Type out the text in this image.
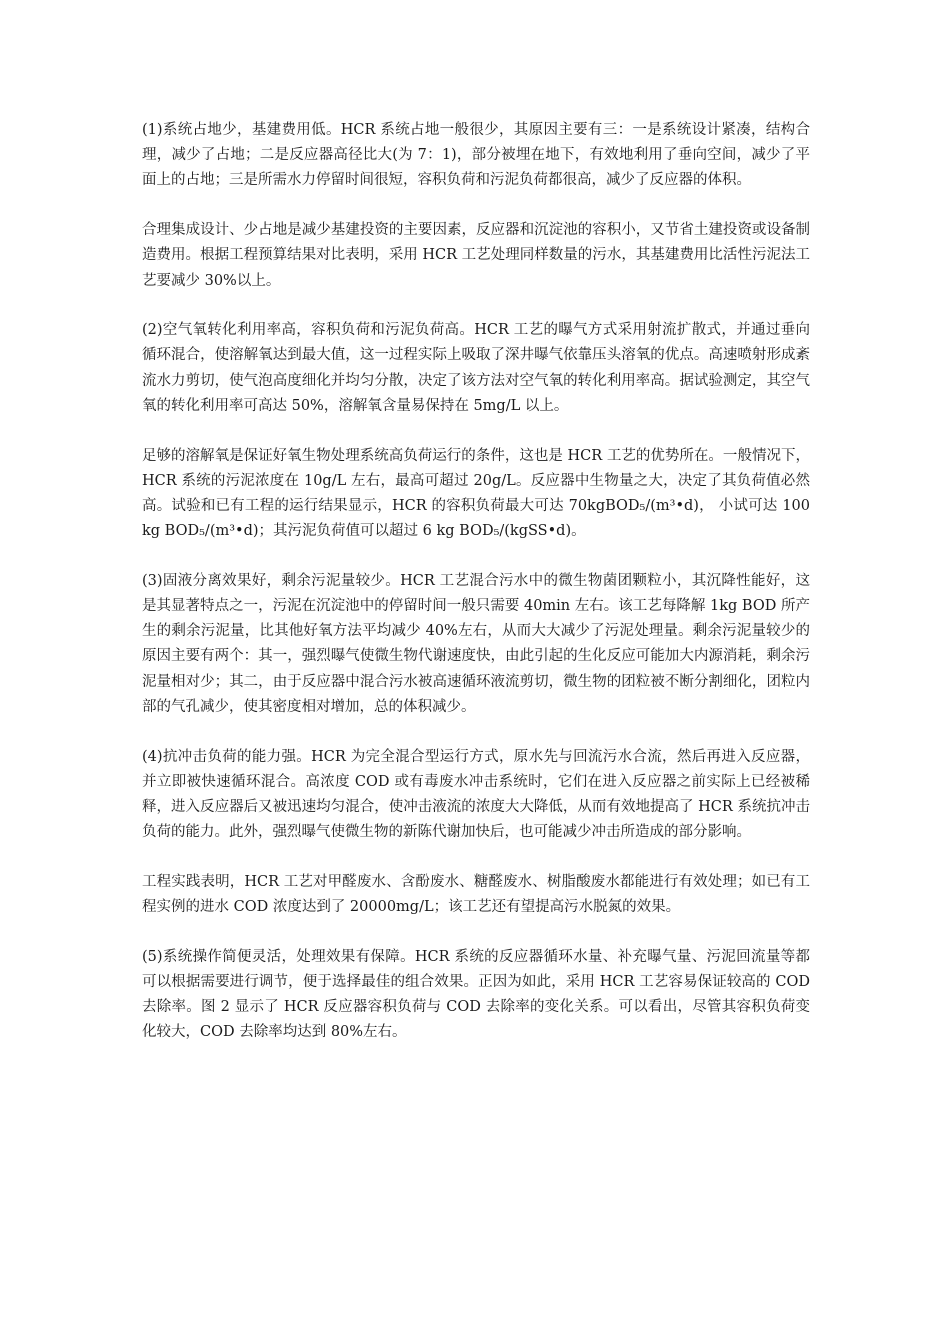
(1)系统占地少，基建费用低。HCR 系统占地一般很少，其原因主要有三：一是系统设计紧凑，结构合理，减少了占地；二是反应器高径比大(为 7：1)，部分被埋在地下，有效地利用了垂向空间，减少了平面上的占地；三是所需水力停留时间很短，容积负荷和污泥负荷都很高，减少了反应器的体积。

合理集成设计、少占地是减少基建投资的主要因素，反应器和沉淀池的容积小，又节省土建投资或设备制造费用。根据工程预算结果对比表明，采用 HCR 工艺处理同样数量的污水，其基建费用比活性污泥法工艺要减少 30%以上。

(2)空气氧转化利用率高，容积负荷和污泥负荷高。HCR 工艺的曝气方式采用射流扩散式，并通过垂向循环混合，使溶解氧达到最大值，这一过程实际上吸取了深井曝气依靠压头溶氧的优点。高速喷射形成紊流水力剪切，使气泡高度细化并均匀分散，决定了该方法对空气氧的转化利用率高。据试验测定，其空气氧的转化利用率可高达 50%，溶解氧含量易保持在 5mg/L 以上。

足够的溶解氧是保证好氧生物处理系统高负荷运行的条件，这也是 HCR 工艺的优势所在。一般情况下，HCR 系统的污泥浓度在 10g/L 左右，最高可超过 20g/L。反应器中生物量之大，决定了其负荷值必然高。试验和已有工程的运行结果显示，HCR 的容积负荷最大可达 70kgBOD₅/(m³•d)， 小试可达 100 kg BOD₅/(m³•d)；其污泥负荷值可以超过 6 kg BOD₅/(kgSS•d)。

(3)固液分离效果好，剩余污泥量较少。HCR 工艺混合污水中的微生物菌团颗粒小，其沉降性能好，这是其显著特点之一，污泥在沉淀池中的停留时间一般只需要 40min 左右。该工艺每降解 1kg BOD 所产生的剩余污泥量，比其他好氧方法平均减少 40%左右，从而大大减少了污泥处理量。剩余污泥量较少的原因主要有两个：其一，强烈曝气使微生物代谢速度快，由此引起的生化反应可能加大内源消耗，剩余污泥量相对少；其二，由于反应器中混合污水被高速循环液流剪切，微生物的团粒被不断分割细化，团粒内部的气孔减少，使其密度相对增加，总的体积减少。

(4)抗冲击负荷的能力强。HCR 为完全混合型运行方式，原水先与回流污水合流，然后再进入反应器，并立即被快速循环混合。高浓度 COD 或有毒废水冲击系统时，它们在进入反应器之前实际上已经被稀释，进入反应器后又被迅速均匀混合，使冲击液流的浓度大大降低，从而有效地提高了 HCR 系统抗冲击负荷的能力。此外，强烈曝气使微生物的新陈代谢加快后，也可能减少冲击所造成的部分影响。

工程实践表明，HCR 工艺对甲醛废水、含酚废水、糖醛废水、树脂酸废水都能进行有效处理；如已有工程实例的进水 COD 浓度达到了 20000mg/L；该工艺还有望提高污水脱氮的效果。

(5)系统操作简便灵活，处理效果有保障。HCR 系统的反应器循环水量、补充曝气量、污泥回流量等都可以根据需要进行调节，便于选择最佳的组合效果。正因为如此，采用 HCR 工艺容易保证较高的 COD 去除率。图 2 显示了 HCR 反应器容积负荷与 COD 去除率的变化关系。可以看出，尽管其容积负荷变化较大，COD 去除率均达到 80%左右。
